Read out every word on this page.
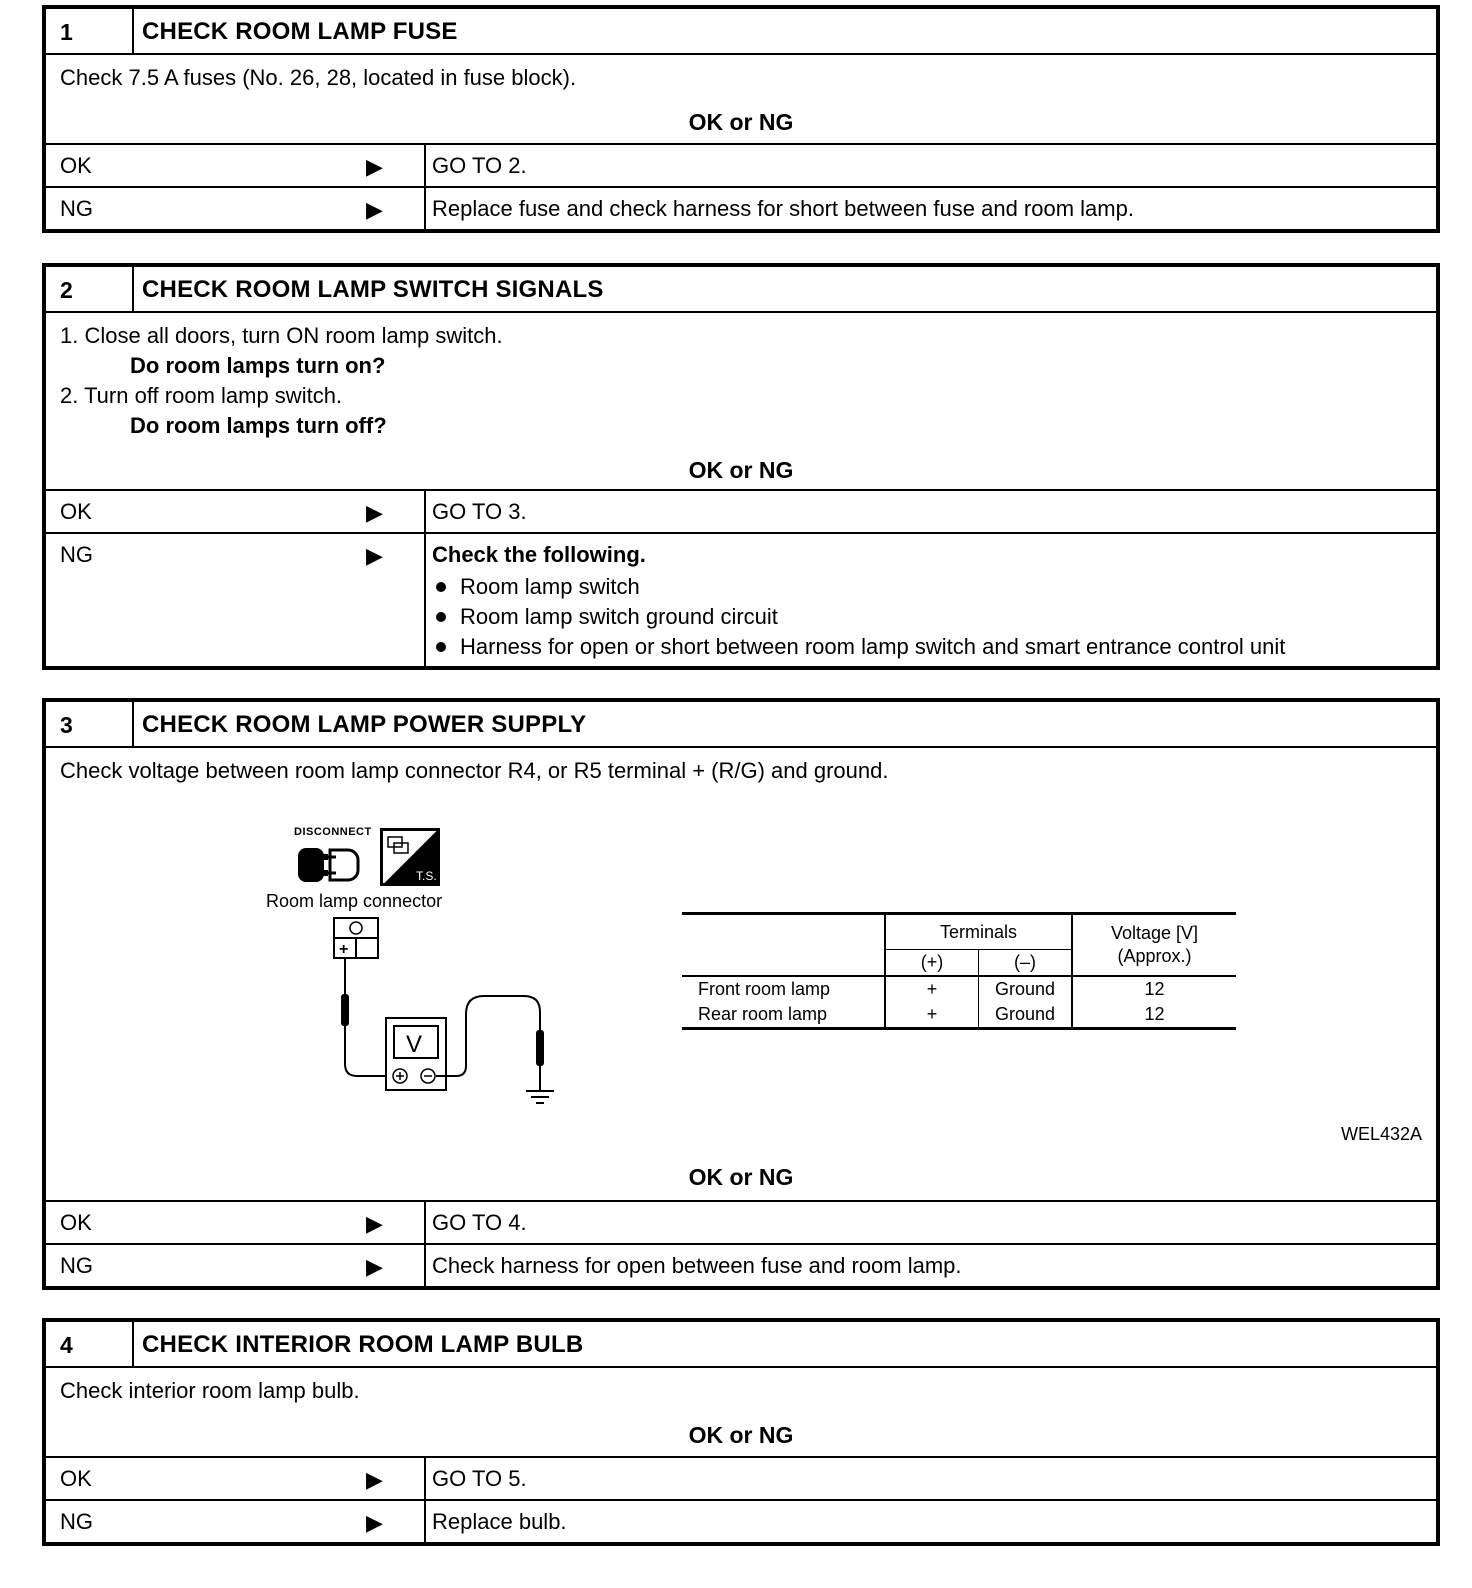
1	CHECK ROOM LAMP FUSE
Check 7.5 A fuses (No. 26, 28, located in fuse block).
OK or NG
OK	▶ GO TO 2.
NG	▶ Replace fuse and check harness for short between fuse and room lamp.
2	CHECK ROOM LAMP SWITCH SIGNALS
1. Close all doors, turn ON room lamp switch.
Do room lamps turn on?
2. Turn off room lamp switch.
Do room lamps turn off?
OK or NG
OK	▶ GO TO 3.
NG	▶ Check the following.
Room lamp switch
Room lamp switch ground circuit
Harness for open or short between room lamp switch and smart entrance control unit
3	CHECK ROOM LAMP POWER SUPPLY
Check voltage between room lamp connector R4, or R5 terminal + (R/G) and ground.
DISCONNECT
T.S.
Room lamp connector
+
V
	Terminals		Voltage [V]
(Approx.)

	(+)	(–)	
Front room lamp	+	Ground	12
Rear room lamp	+	Ground	12
WEL432A
OK or NG
OK	▶ GO TO 4.
NG	▶ Check harness for open between fuse and room lamp.
4	CHECK INTERIOR ROOM LAMP BULB
Check interior room lamp bulb.
OK or NG
OK	▶ GO TO 5.
NG	▶ Replace bulb.
